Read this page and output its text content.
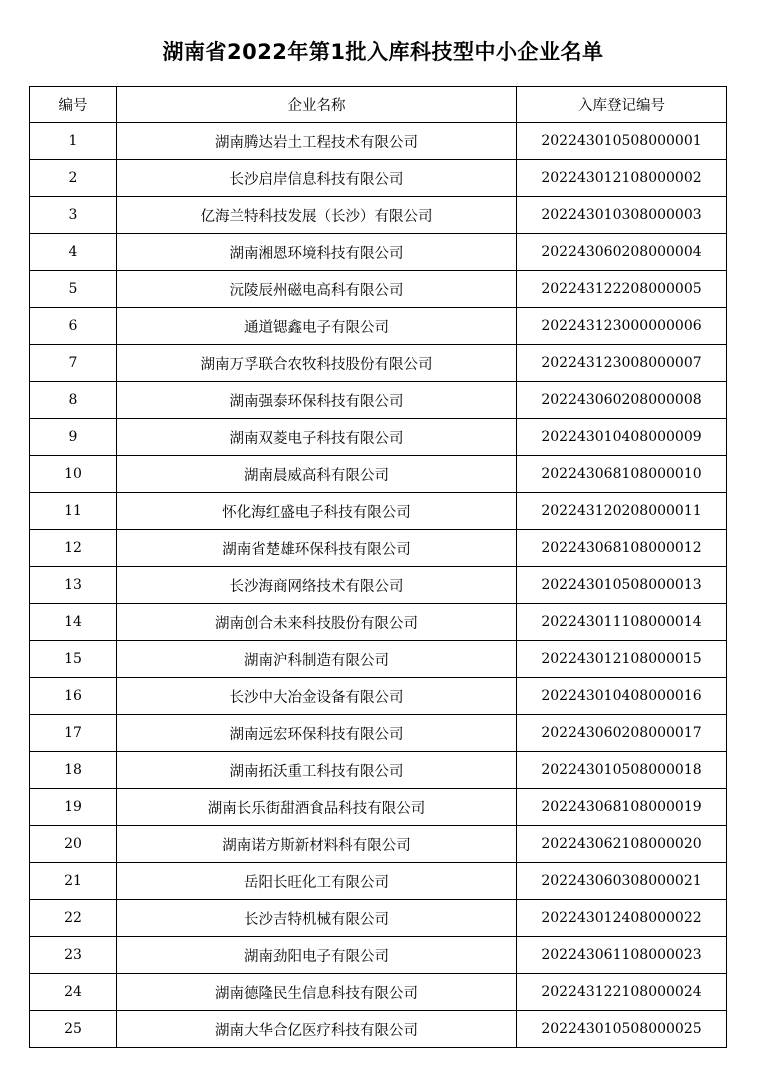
湖南省2022年第1批入库科技型中小企业名单
编号	企业名称	入库登记编号
1	湖南腾达岩土工程技术有限公司	202243010508000001
2	长沙启岸信息科技有限公司	202243012108000002
3	亿海兰特科技发展（长沙）有限公司	202243010308000003
4	湖南湘恩环境科技有限公司	202243060208000004
5	沅陵辰州磁电高科有限公司	202243122208000005
6	通道锶鑫电子有限公司	202243123000000006
7	湖南万孚联合农牧科技股份有限公司	202243123008000007
8	湖南强泰环保科技有限公司	202243060208000008
9	湖南双菱电子科技有限公司	202243010408000009
10	湖南晨威高科有限公司	202243068108000010
11	怀化海红盛电子科技有限公司	202243120208000011
12	湖南省楚雄环保科技有限公司	202243068108000012
13	长沙海商网络技术有限公司	202243010508000013
14	湖南创合未来科技股份有限公司	202243011108000014
15	湖南沪科制造有限公司	202243012108000015
16	长沙中大冶金设备有限公司	202243010408000016
17	湖南远宏环保科技有限公司	202243060208000017
18	湖南拓沃重工科技有限公司	202243010508000018
19	湖南长乐街甜酒食品科技有限公司	202243068108000019
20	湖南诺方斯新材料科有限公司	202243062108000020
21	岳阳长旺化工有限公司	202243060308000021
22	长沙吉特机械有限公司	202243012408000022
23	湖南劲阳电子有限公司	202243061108000023
24	湖南德隆民生信息科技有限公司	202243122108000024
25	湖南大华合亿医疗科技有限公司	202243010508000025
